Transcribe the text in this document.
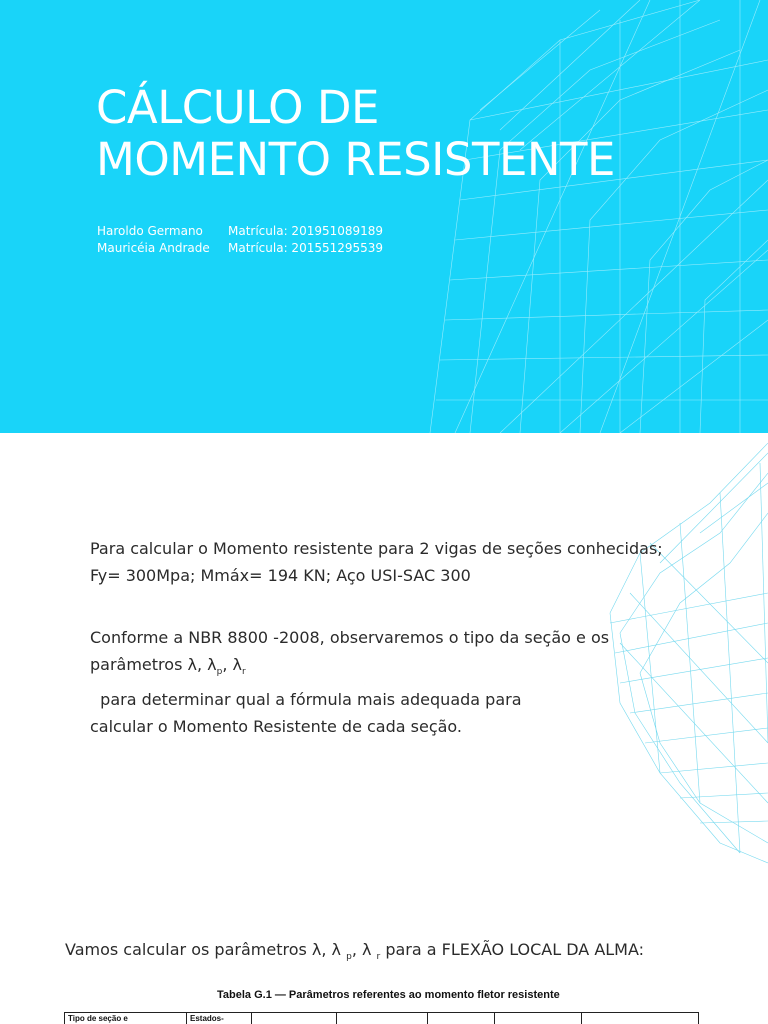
CÁLCULO DE
MOMENTO RESISTENTE
Haroldo Germano Matrícula: 201951089189
Mauricéia Andrade Matrícula: 201551295539
Para calcular o Momento resistente para 2 vigas de seções conhecidas;
Fy= 300Mpa; Mmáx= 194 KN; Aço USI-SAC 300
Conforme a NBR 8800 -2008, observaremos o tipo da seção e os
parâmetros λ, $\lambda_p$, $\lambda_r$  para determinar qual a fórmula mais adequada para
calcular o Momento Resistente de cada seção.
Vamos calcular os parâmetros λ, λ $_p$, λ $_r$ para a FLEXÃO LOCAL DA ALMA:
Tabela G.1 — Parâmetros referentes ao momento fletor resistente
Tipo de seção e	Estados-					
